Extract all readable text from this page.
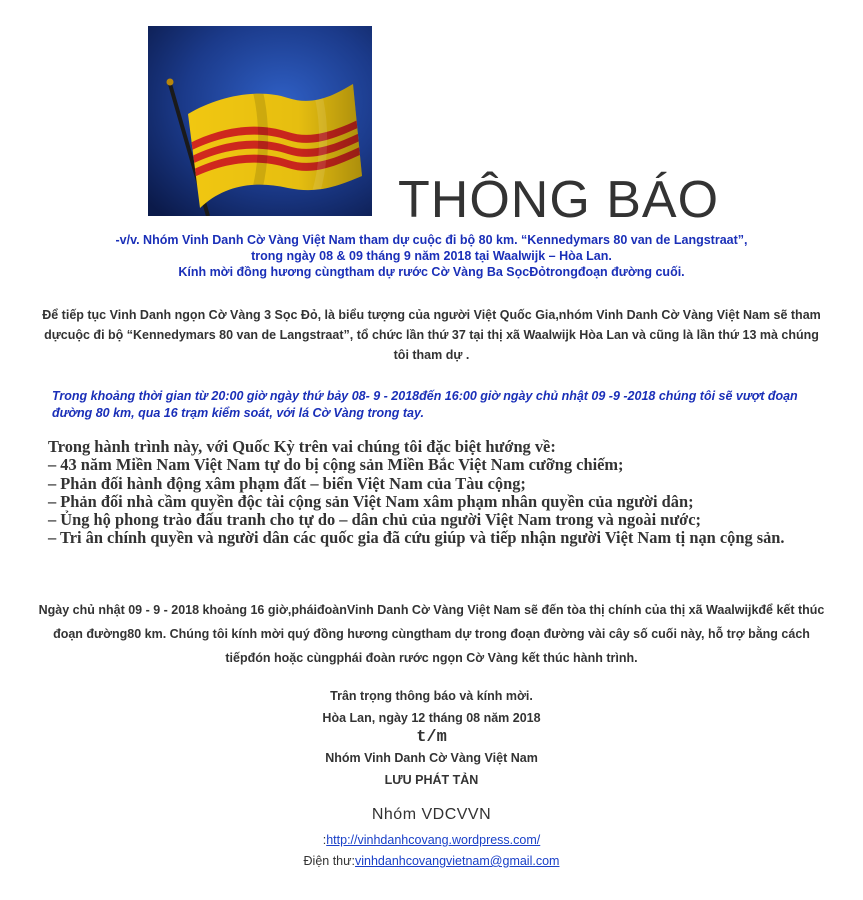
THÔNG BÁO
-v/v. Nhóm Vinh Danh Cờ Vàng Việt Nam tham dự cuộc đi bộ 80 km. “Kennedymars 80 van de Langstraat”,
trong ngày 08 & 09 tháng 9 năm 2018 tại Waalwijk – Hòa Lan.
Kính mời đồng hương cùngtham dự rước Cờ Vàng Ba SọcĐỏtrongđoạn đường cuối.
Để tiếp tục Vinh Danh ngọn Cờ Vàng 3 Sọc Đỏ, là biểu tượng của người Việt Quốc Gia,nhóm Vinh Danh Cờ Vàng Việt Nam sẽ tham dựcuộc đi bộ “Kennedymars 80 van de Langstraat”, tổ chức lần thứ 37 tại thị xã Waalwijk Hòa Lan và cũng là lần thứ 13 mà chúng tôi tham dự .
Trong khoảng thời gian từ 20:00 giờ ngày thứ bảy 08- 9 - 2018đến 16:00 giờ ngày chủ nhật 09 -9 -2018 chúng tôi sẽ vượt đoạn đường 80 km, qua 16 trạm kiểm soát, với lá Cờ Vàng trong tay.
Trong hành trình này, với Quốc Kỳ trên vai chúng tôi đặc biệt hướng về:
– 43 năm Miền Nam Việt Nam tự do bị cộng sản Miền Bắc Việt Nam cưỡng chiếm;
– Phản đối hành động xâm phạm đất – biển Việt Nam của Tàu cộng;
– Phản đối nhà cầm quyền độc tài cộng sản Việt Nam xâm phạm nhân quyền của người dân;
– Ủng hộ phong trào đấu tranh cho tự do – dân chủ của người Việt Nam trong và ngoài nước;
– Tri ân chính quyền và người dân các quốc gia đã cứu giúp và tiếp nhận người Việt Nam tị nạn cộng sản.
Ngày chủ nhật 09 - 9 - 2018 khoảng 16 giờ,pháiđoànVinh Danh Cờ Vàng Việt Nam sẽ đến tòa thị chính của thị xã Waalwijkđể kết thúc đoạn đường80 km. Chúng tôi kính mời quý đồng hương cùngtham dự trong đoạn đường vài cây số cuối này, hỗ trợ bằng cách tiếpđón hoặc cùngphái đoàn rước ngọn Cờ Vàng kết thúc hành trình.
Trân trọng thông báo và kính mời.
Hòa Lan, ngày 12 tháng 08 năm 2018
t/m
Nhóm Vinh Danh Cờ Vàng Việt Nam
LƯU PHÁT TẢN
Nhóm VDCVVN
:http://vinhdanhcovang.wordpress.com/
Điện thư:vinhdanhcovangvietnam@gmail.com
